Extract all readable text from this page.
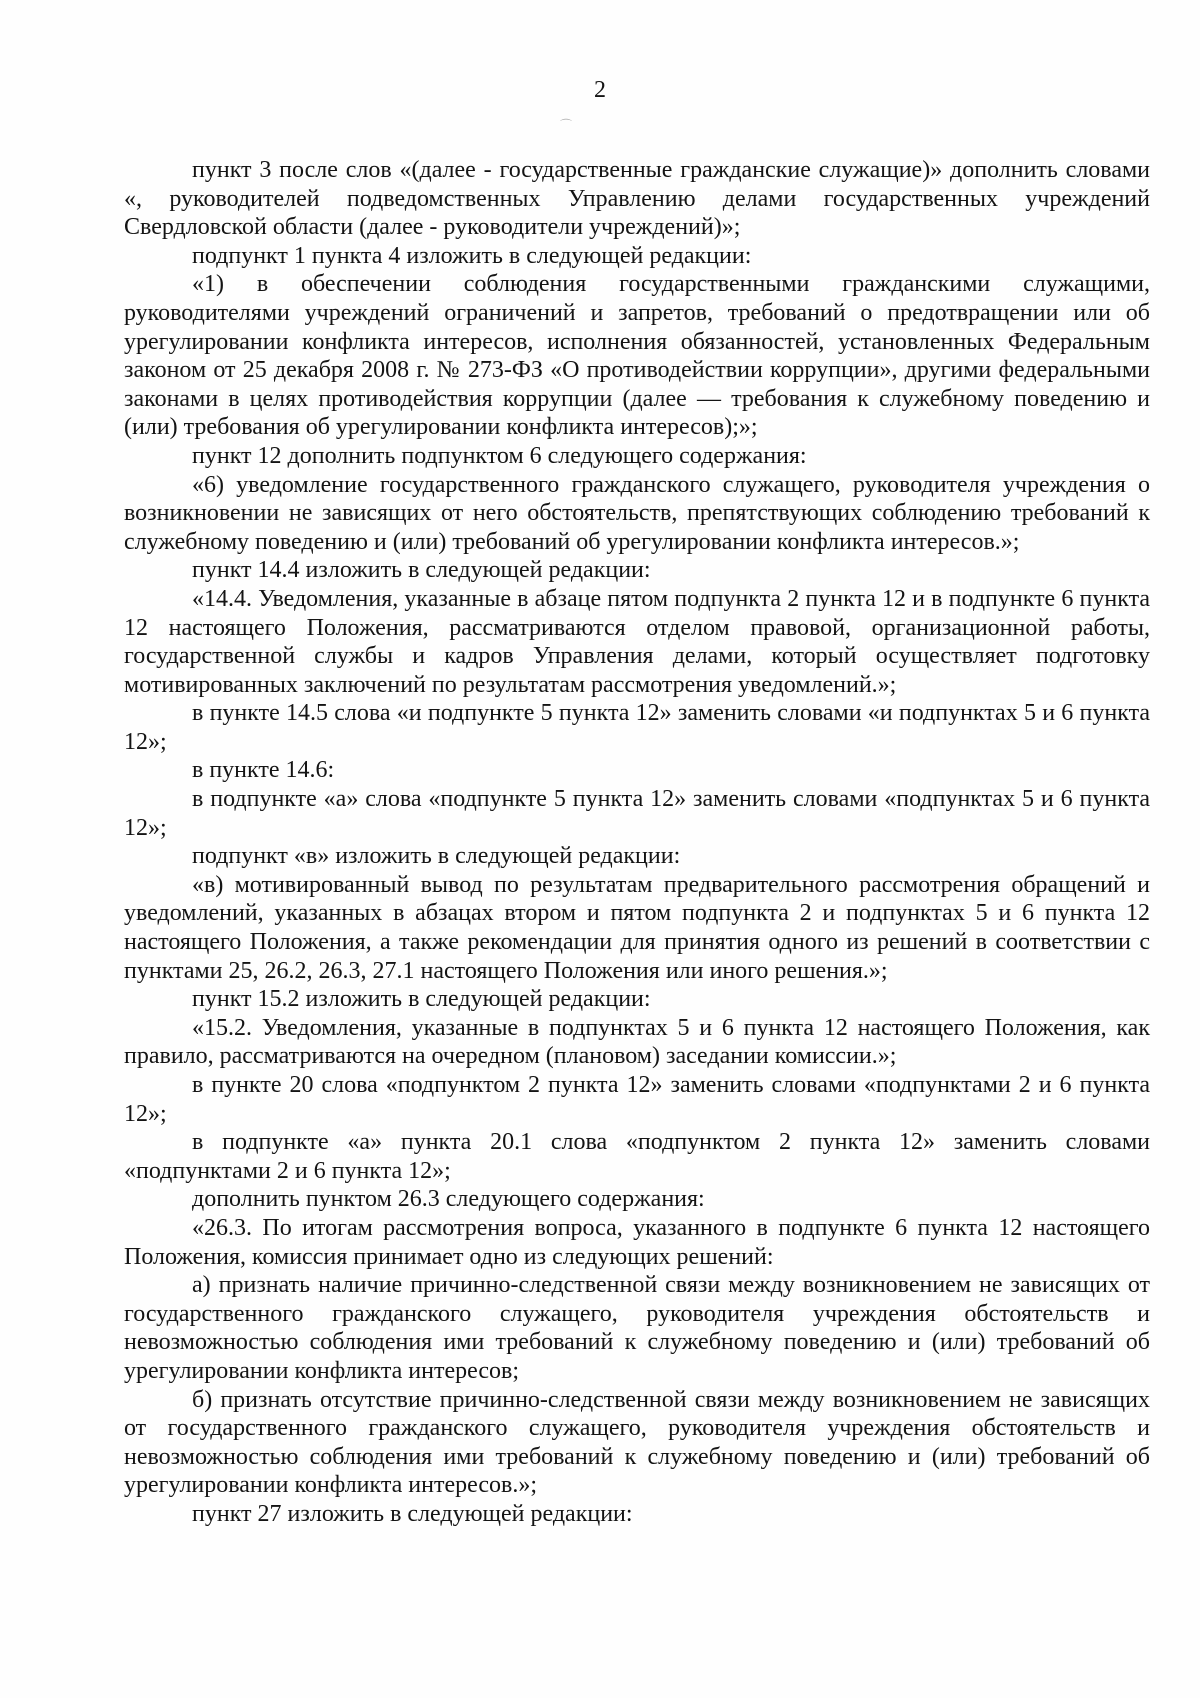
2
⌒

пункт 3 после слов «(далее - государственные гражданские служащие)» дополнить словами «, руководителей подведомственных Управлению делами государственных учреждений Свердловской области (далее - руководители учреждений)»;

подпункт 1 пункта 4 изложить в следующей редакции:

«1) в обеспечении соблюдения государственными гражданскими служащими, руководителями учреждений ограничений и запретов, требований о предотвращении или об урегулировании конфликта интересов, исполнения обязанностей, установленных Федеральным законом от 25 декабря 2008 г. № 273-ФЗ «О противодействии коррупции», другими федеральными законами в целях противодействия коррупции (далее — требования к служебному поведению и (или) требования об урегулировании конфликта интересов);»;

пункт 12 дополнить подпунктом 6 следующего содержания:

«6) уведомление государственного гражданского служащего, руководителя учреждения о возникновении не зависящих от него обстоятельств, препятствующих соблюдению требований к служебному поведению и (или) требований об урегулировании конфликта интересов.»;

пункт 14.4 изложить в следующей редакции:

«14.4. Уведомления, указанные в абзаце пятом подпункта 2 пункта 12 и в подпункте 6 пункта 12 настоящего Положения, рассматриваются отделом правовой, организационной работы, государственной службы и кадров Управления делами, который осуществляет подготовку мотивированных заключений по результатам рассмотрения уведомлений.»;

в пункте 14.5 слова «и подпункте 5 пункта 12» заменить словами «и подпунктах 5 и 6 пункта 12»;

в пункте 14.6:

в подпункте «а» слова «подпункте 5 пункта 12» заменить словами «подпунктах 5 и 6 пункта 12»;

подпункт «в» изложить в следующей редакции:

«в) мотивированный вывод по результатам предварительного рассмотрения обращений и уведомлений, указанных в абзацах втором и пятом подпункта 2 и подпунктах 5 и 6 пункта 12 настоящего Положения, а также рекомендации для принятия одного из решений в соответствии с пунктами 25, 26.2, 26.3, 27.1 настоящего Положения или иного решения.»;

пункт 15.2 изложить в следующей редакции:

«15.2. Уведомления, указанные в подпунктах 5 и 6 пункта 12 настоящего Положения, как правило, рассматриваются на очередном (плановом) заседании комиссии.»;

в пункте 20 слова «подпунктом 2 пункта 12» заменить словами «подпунктами 2 и 6 пункта 12»;

в подпункте «а» пункта 20.1 слова «подпунктом 2 пункта 12» заменить словами «подпунктами 2 и 6 пункта 12»;

дополнить пунктом 26.3 следующего содержания:

«26.3. По итогам рассмотрения вопроса, указанного в подпункте 6 пункта 12 настоящего Положения, комиссия принимает одно из следующих решений:

а) признать наличие причинно-следственной связи между возникновением не зависящих от государственного гражданского служащего, руководителя учреждения обстоятельств и невозможностью соблюдения ими требований к служебному поведению и (или) требований об урегулировании конфликта интересов;

б) признать отсутствие причинно-следственной связи между возникновением не зависящих от государственного гражданского служащего, руководителя учреждения обстоятельств и невозможностью соблюдения ими требований к служебному поведению и (или) требований об урегулировании конфликта интересов.»;

пункт 27 изложить в следующей редакции:
